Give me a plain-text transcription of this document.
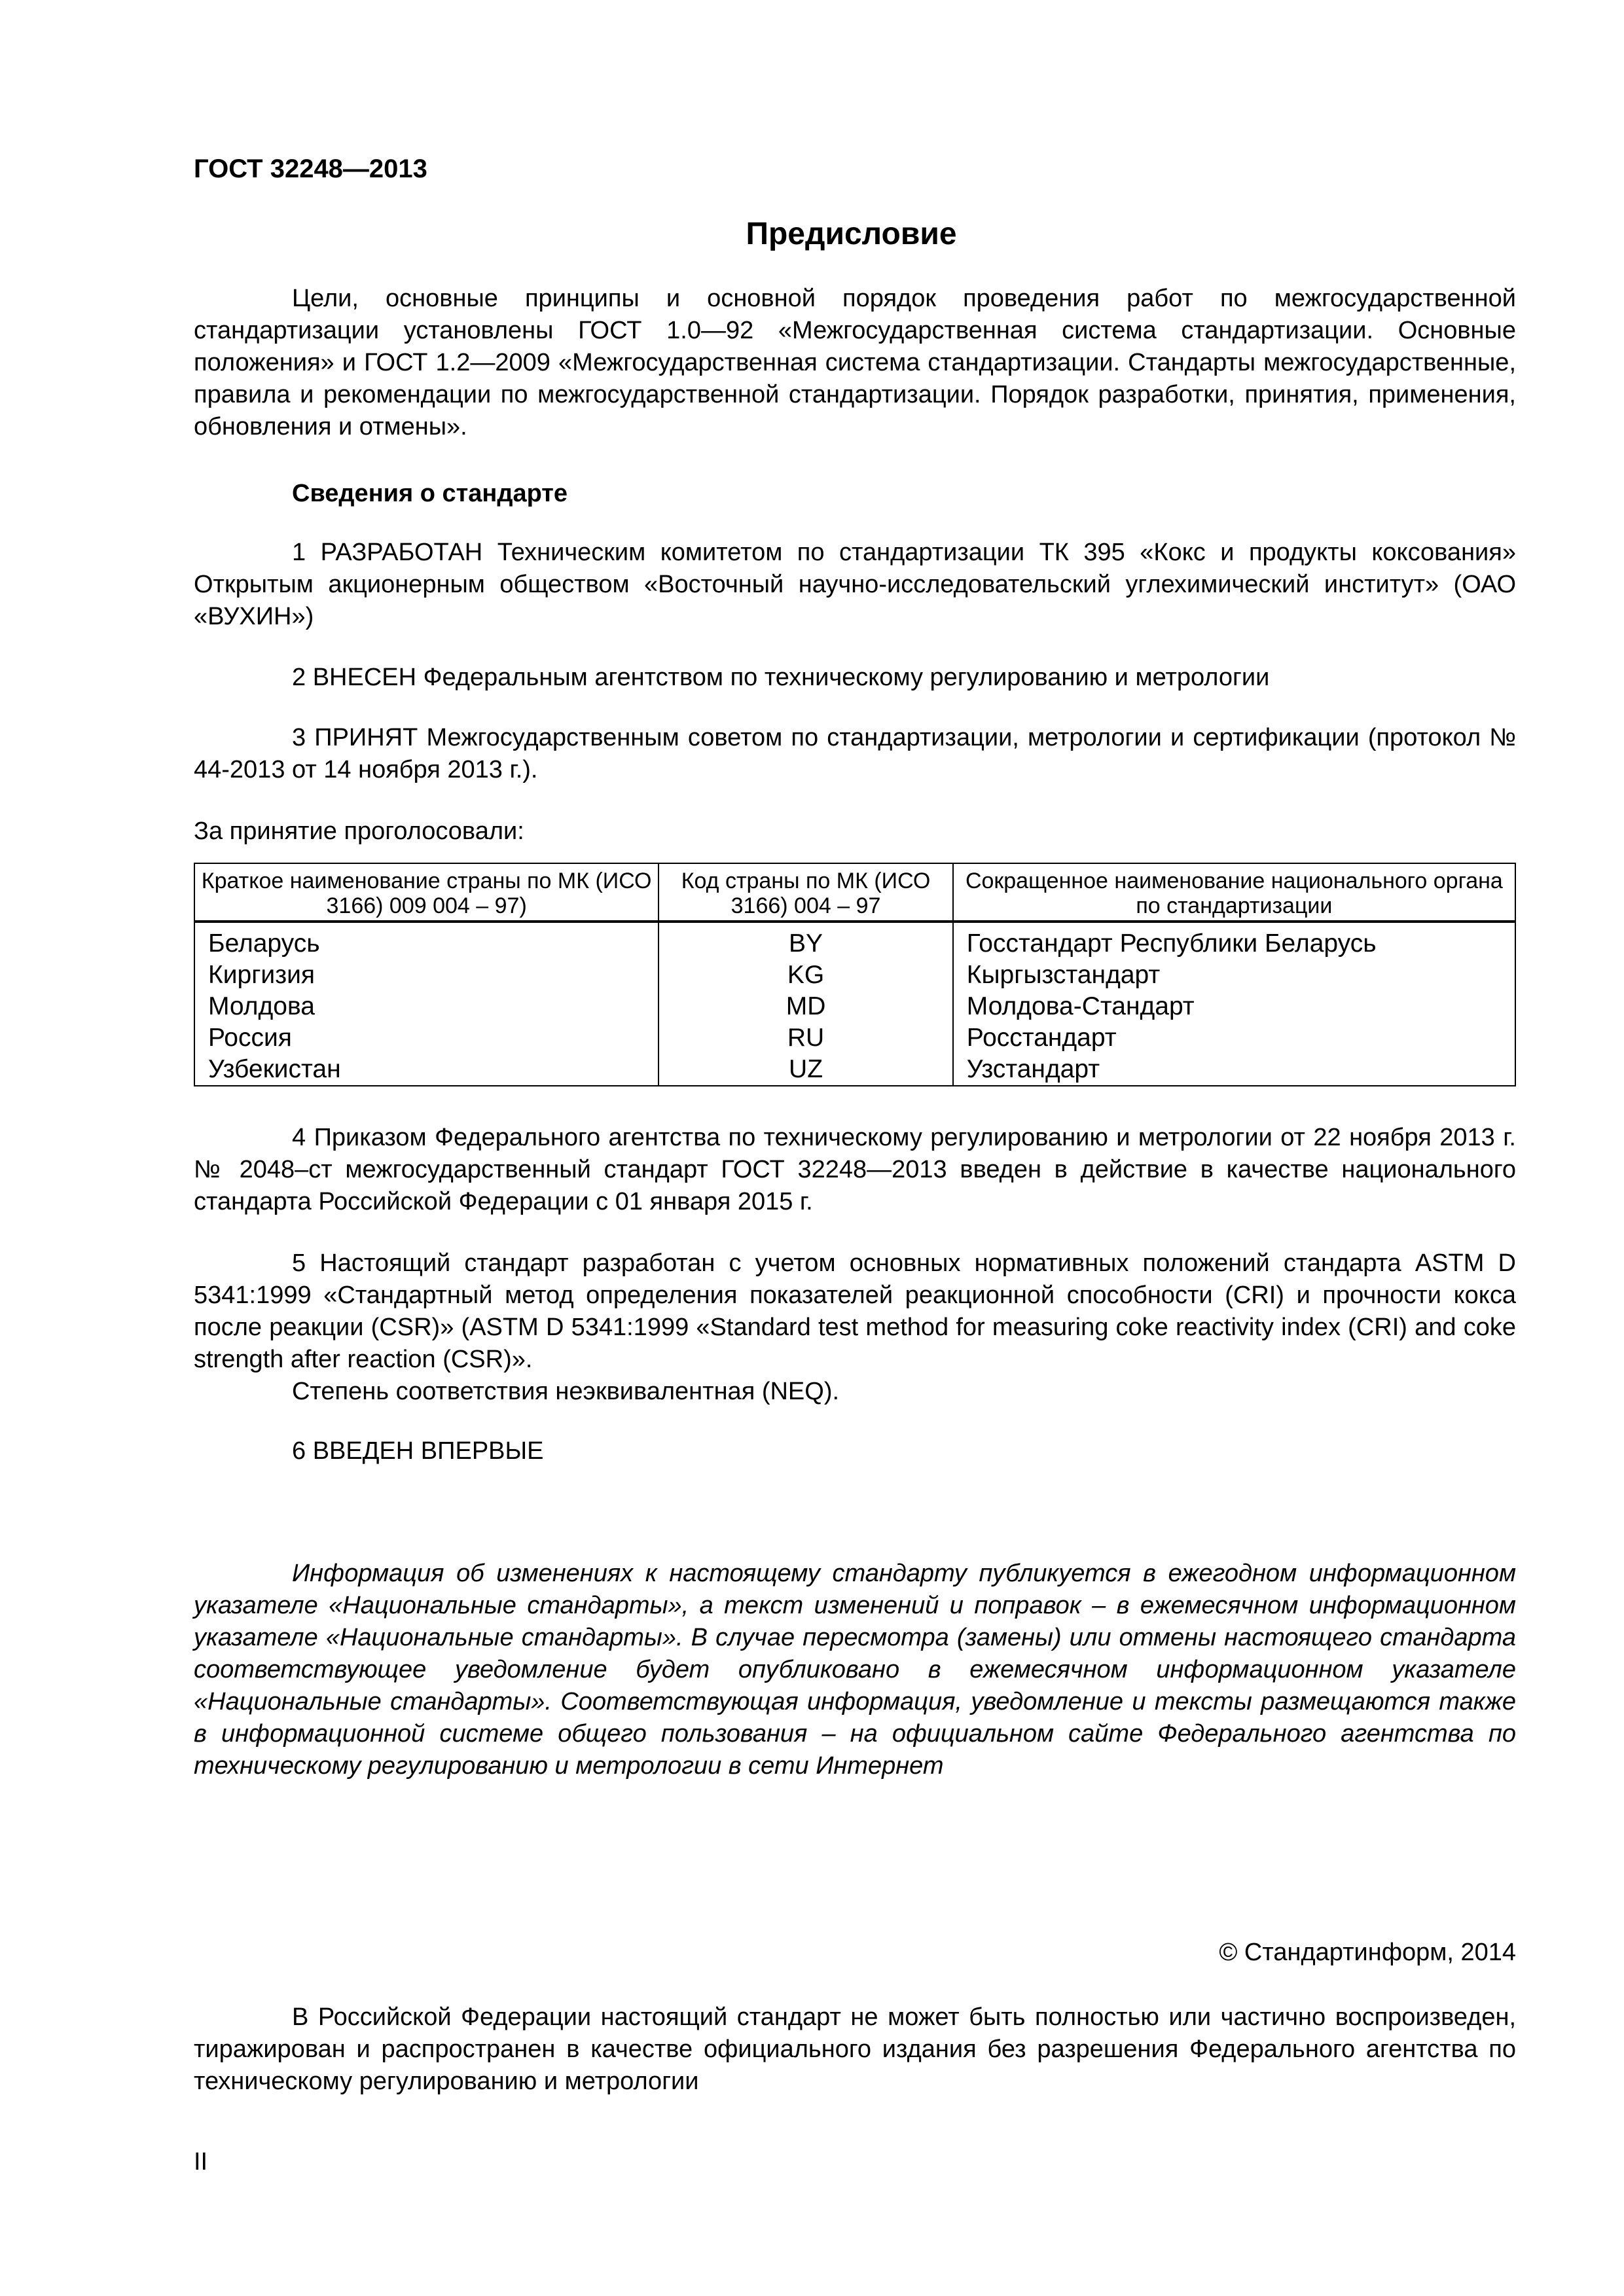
ГОСТ 32248—2013
Предисловие

Цели, основные принципы и основной порядок проведения работ по межгосударственной стандартизации установлены ГОСТ 1.0—92 «Межгосударственная система стандартизации. Основные положения» и ГОСТ 1.2—2009 «Межгосударственная система стандартизации. Стандарты межгосударственные, правила и рекомендации по межгосударственной стандартизации. Порядок разработки, принятия, применения, обновления и отмены».

Сведения о стандарте

1 РАЗРАБОТАН Техническим комитетом по стандартизации ТК 395 «Кокс и продукты коксования» Открытым акционерным обществом «Восточный научно-исследовательский углехимический институт» (ОАО «ВУХИН»)

2 ВНЕСЕН Федеральным агентством по техническому регулированию и метрологии

3 ПРИНЯТ Межгосударственным советом по стандартизации, метрологии и сертификации (протокол № 44-2013 от 14 ноября 2013 г.).

За принятие проголосовали:
Краткое наименование страны по МК (ИСО 3166) 009 004 – 97)	Код страны по МК (ИСО 3166) 004 – 97	Сокращенное наименование национального органа по стандартизации
Беларусь	BY	Госстандарт Республики Беларусь
Киргизия	KG	Кыргызстандарт
Молдова	MD	Молдова-Стандарт
Россия	RU	Росстандарт
Узбекистан	UZ	Узстандарт

4 Приказом Федерального агентства по техническому регулированию и метрологии от 22 ноября 2013 г. № 2048–ст межгосударственный стандарт ГОСТ 32248—2013 введен в действие в качестве национального стандарта Российской Федерации с 01 января 2015 г.

5 Настоящий стандарт разработан с учетом основных нормативных положений стандарта ASTM D 5341:1999 «Стандартный метод определения показателей реакционной способности (CRI) и прочности кокса после реакции (CSR)» (ASTM D 5341:1999 «Standard test method for measuring coke reactivity index (CRI) and coke strength after reaction (CSR)».

Степень соответствия неэквивалентная (NEQ).
6 ВВЕДЕН ВПЕРВЫЕ

Информация об изменениях к настоящему стандарту публикуется в ежегодном информационном указателе «Национальные стандарты», а текст изменений и поправок – в ежемесячном информационном указателе «Национальные стандарты». В случае пересмотра (замены) или отмены настоящего стандарта соответствующее уведомление будет опубликовано в ежемесячном информационном указателе «Национальные стандарты». Соответствующая информация, уведомление и тексты размещаются также в информационной системе общего пользования – на официальном сайте Федерального агентства по техническому регулированию и метрологии в сети Интернет

© Стандартинформ, 2014

В Российской Федерации настоящий стандарт не может быть полностью или частично воспроизведен, тиражирован и распространен в качестве официального издания без разрешения Федерального агентства по техническому регулированию и метрологии

II
